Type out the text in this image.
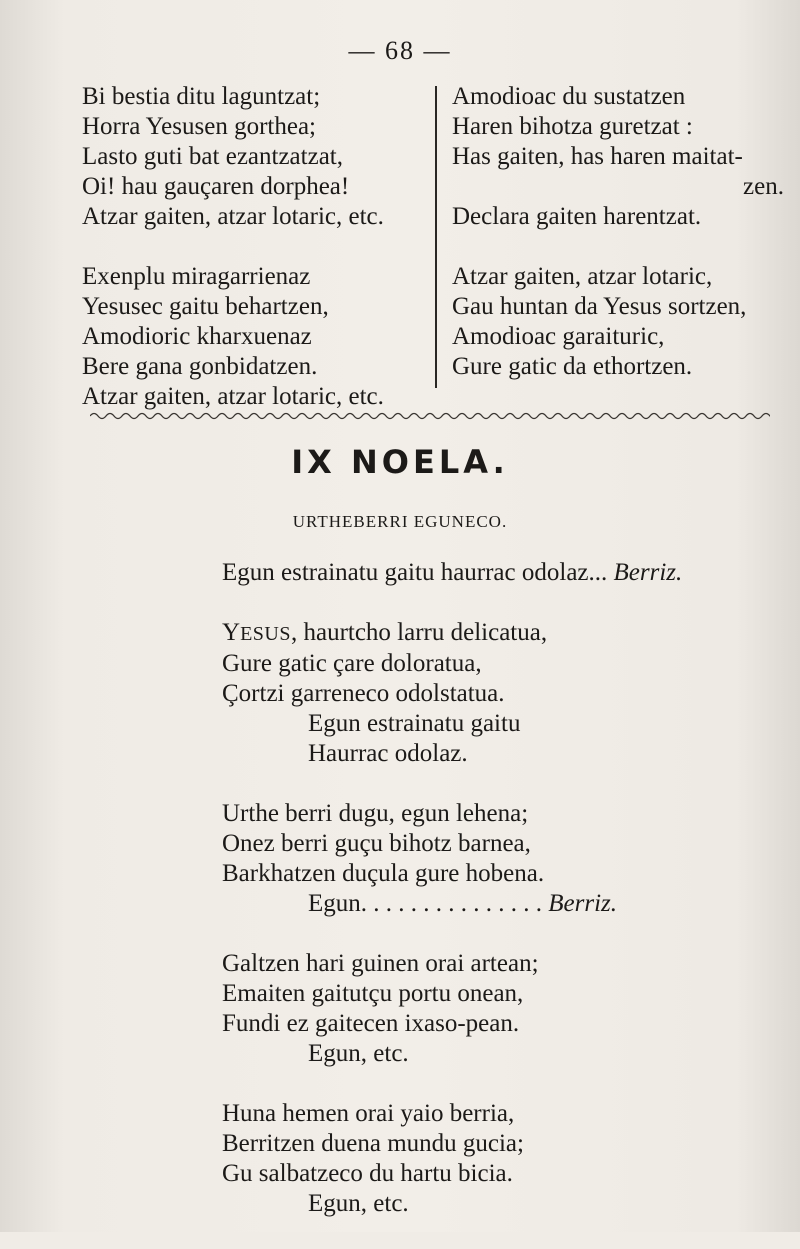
— 68 —
Bi bestia ditu laguntzat;
Horra Yesusen gorthea;
Lasto guti bat ezantzatzat,
Oi! hau gauçaren dorphea!
Atzar gaiten, atzar lotaric, etc.
Exenplu miragarrienaz
Yesusec gaitu behartzen,
Amodioric kharxuenaz
Bere gana gonbidatzen.
Atzar gaiten, atzar lotaric, etc.
Amodioac du sustatzen
Haren bihotza guretzat :
Has gaiten, has haren maitat-
zen.
Declara gaiten harentzat.
Atzar gaiten, atzar lotaric,
Gau huntan da Yesus sortzen,
Amodioac garaituric,
Gure gatic da ethortzen.
IX NOELA.
URTHEBERRI EGUNECO.
Egun estrainatu gaitu haurrac odolaz... Berriz.
YESUS, haurtcho larru delicatua,
Gure gatic çare doloratua,
Çortzi garreneco odolstatua.
Egun estrainatu gaitu
Haurrac odolaz.
Urthe berri dugu, egun lehena;
Onez berri guçu bihotz barnea,
Barkhatzen duçula gure hobena.
Egun. . . . . . . . . . . . . . . Berriz.
Galtzen hari guinen orai artean;
Emaiten gaitutçu portu onean,
Fundi ez gaitecen ixaso-pean.
Egun, etc.
Huna hemen orai yaio berria,
Berritzen duena mundu gucia;
Gu salbatzeco du hartu bicia.
Egun, etc.
